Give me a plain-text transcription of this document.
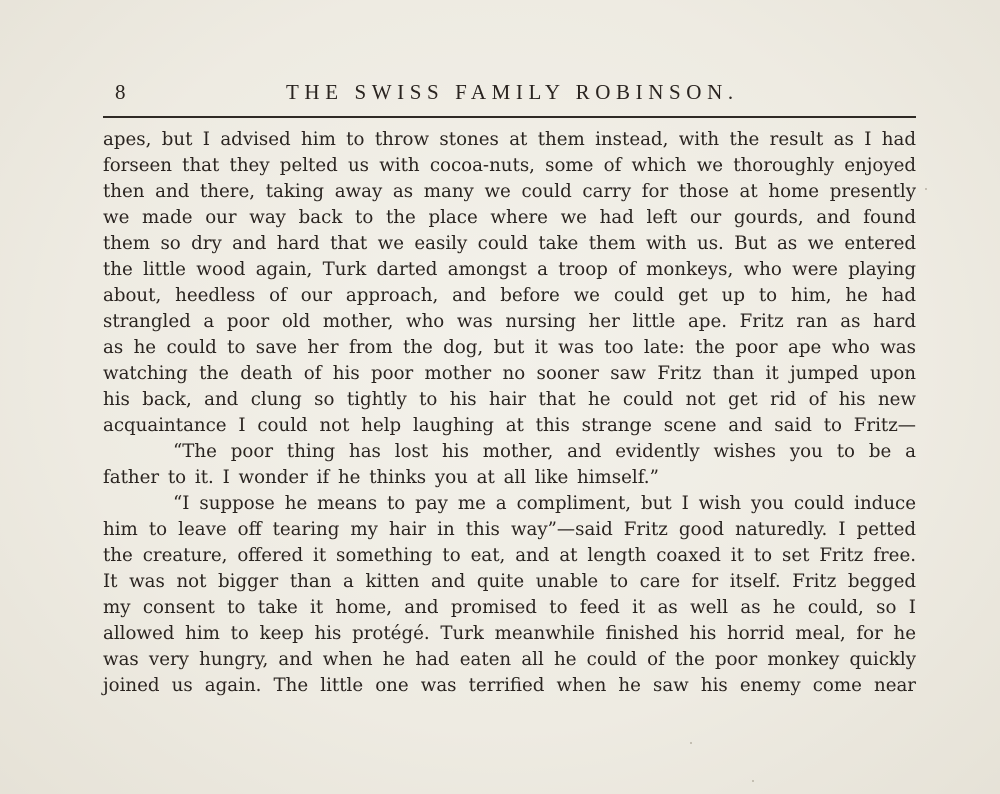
8	THE SWISS FAMILY ROBINSON.
apes, but I advised him to throw stones at them instead, with the result as I had
forseen that they pelted us with cocoa-nuts, some of which we thoroughly enjoyed
then and there, taking away as many we could carry for those at home presently
we made our way back to the place where we had left our gourds, and found
them so dry and hard that we easily could take them with us. But as we entered
the little wood again, Turk darted amongst a troop of monkeys, who were playing
about, heedless of our approach, and before we could get up to him, he had
strangled a poor old mother, who was nursing her little ape. Fritz ran as hard
as he could to save her from the dog, but it was too late: the poor ape who was
watching the death of his poor mother no sooner saw Fritz than it jumped upon
his back, and clung so tightly to his hair that he could not get rid of his new
acquaintance I could not help laughing at this strange scene and said to Fritz—
“The poor thing has lost his mother, and evidently wishes you to be a
father to it. I wonder if he thinks you at all like himself.”
“I suppose he means to pay me a compliment, but I wish you could induce
him to leave off tearing my hair in this way”—said Fritz good naturedly. I petted
the creature, offered it something to eat, and at length coaxed it to set Fritz free.
It was not bigger than a kitten and quite unable to care for itself. Fritz begged
my consent to take it home, and promised to feed it as well as he could, so I
allowed him to keep his protégé. Turk meanwhile finished his horrid meal, for he
was very hungry, and when he had eaten all he could of the poor monkey quickly
joined us again. The little one was terrified when he saw his enemy come near
